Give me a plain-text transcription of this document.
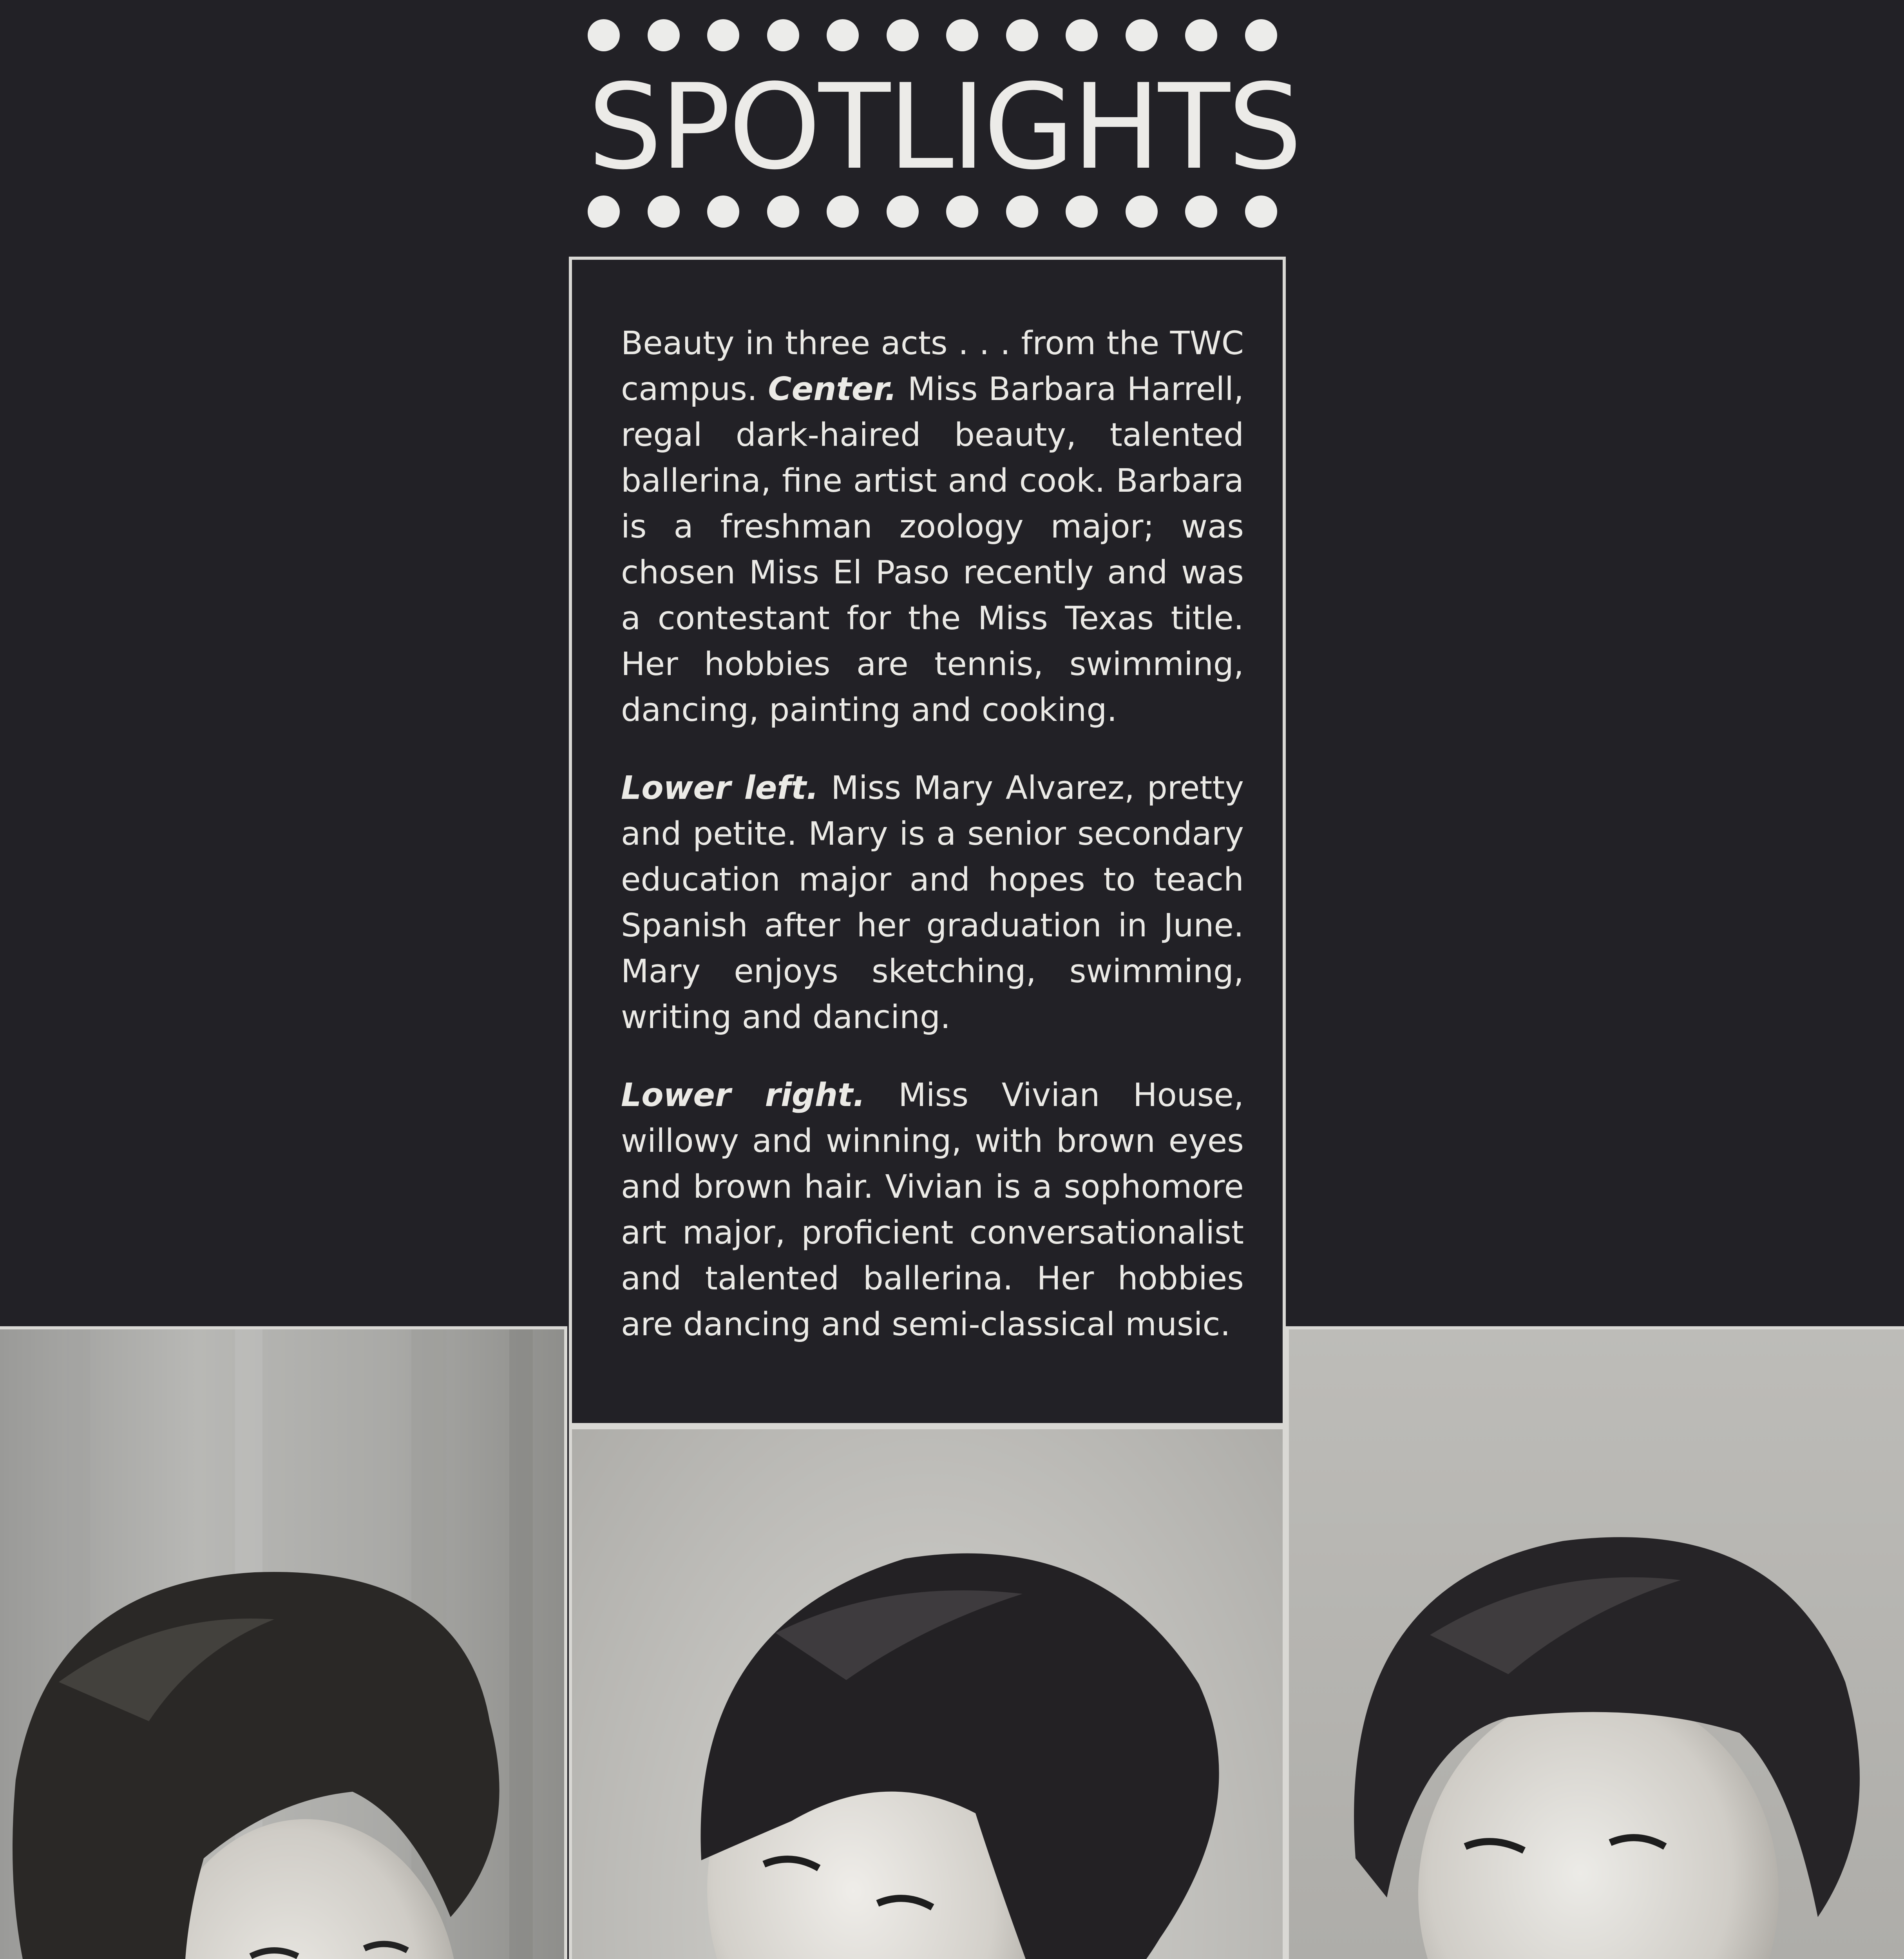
SPOTLIGHTS

Beauty in three acts . . . from the TWC campus. Center. Miss Barbara Harrell, regal dark-haired beauty, talented ballerina, fine artist and cook. Barbara is a freshman zoology major; was chosen Miss El Paso recently and was a contestant for the Miss Texas title. Her hobbies are tennis, swimming, dancing, painting and cooking.

Lower left. Miss Mary Alvarez, pretty and petite. Mary is a senior secondary education major and hopes to teach Spanish after her graduation in June. Mary enjoys sketching, swimming, writing and dancing.

Lower right. Miss Vivian House, willowy and winning, with brown eyes and brown hair. Vivian is a sophomore art major, proficient conversationalist and talented ballerina. Her hobbies are dancing and semi-classical music.
